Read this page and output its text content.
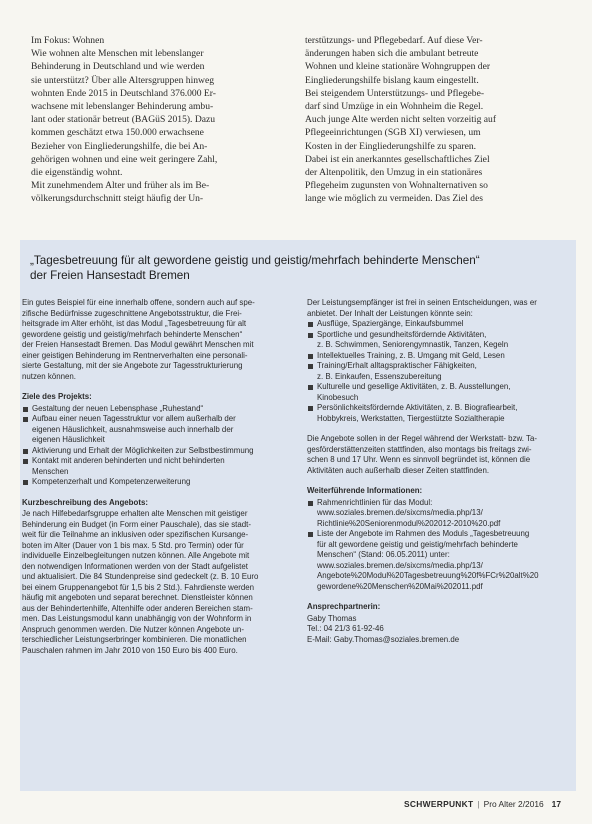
Im Fokus: Wohnen
Wie wohnen alte Menschen mit lebenslanger
Behinderung in Deutschland und wie werden
sie unterstützt? Über alle Altersgruppen hinweg
wohnten Ende 2015 in Deutschland 376.000 Er-
wachsene mit lebenslanger Behinderung ambu-
lant oder stationär betreut (BAGüS 2015). Dazu
kommen geschätzt etwa 150.000 erwachsene
Bezieher von Eingliederungshilfe, die bei An-
gehörigen wohnen und eine weit geringere Zahl,
die eigenständig wohnt.
Mit zunehmendem Alter und früher als im Be-
völkerungsdurchschnitt steigt häufig der Un-
terstützungs- und Pflegebedarf. Auf diese Ver-
änderungen haben sich die ambulant betreute
Wohnen und kleine stationäre Wohngruppen der
Eingliederungshilfe bislang kaum eingestellt.
Bei steigendem Unterstützungs- und Pflegebe-
darf sind Umzüge in ein Wohnheim die Regel.
Auch junge Alte werden nicht selten vorzeitig auf
Pflegeeinrichtungen (SGB XI) verwiesen, um
Kosten in der Eingliederungshilfe zu sparen.
Dabei ist ein anerkanntes gesellschaftliches Ziel
der Altenpolitik, den Umzug in ein stationäres
Pflegeheim zugunsten von Wohnalternativen so
lange wie möglich zu vermeiden. Das Ziel des
„Tagesbetreuung für alt gewordene geistig und geistig/mehrfach behinderte Menschen“
der Freien Hansestadt Bremen
Ein gutes Beispiel für eine innerhalb offene, sondern auch auf spe-
zifische Bedürfnisse zugeschnittene Angebotsstruktur, die Frei-
heitsgrade im Alter erhöht, ist das Modul „Tagesbetreuung für alt
gewordene geistig und geistig/mehrfach behinderte Menschen“
der Freien Hansestadt Bremen. Das Modul gewährt Menschen mit
einer geistigen Behinderung im Rentnerverhalten eine personali-
sierte Gestaltung, mit der sie Angebote zur Tagesstrukturierung
nutzen können.
Ziele des Projekts:
Gestaltung der neuen Lebensphase „Ruhestand“
Aufbau einer neuen Tagesstruktur vor allem außerhalb der
eigenen Häuslichkeit, ausnahmsweise auch innerhalb der
eigenen Häuslichkeit
Aktivierung und Erhalt der Möglichkeiten zur Selbstbestimmung
Kontakt mit anderen behinderten und nicht behinderten
Menschen
Kompetenzerhalt und Kompetenzerweiterung
Kurzbeschreibung des Angebots:
Je nach Hilfebedarfsgruppe erhalten alte Menschen mit geistiger
Behinderung ein Budget (in Form einer Pauschale), das sie stadt-
weit für die Teilnahme an inklusiven oder spezifischen Kursange-
boten im Alter (Dauer von 1 bis max. 5 Std. pro Termin) oder für
individuelle Einzelbegleitungen nutzen können. Alle Angebote mit
den notwendigen Informationen werden von der Stadt aufgelistet
und aktualisiert. Die 84 Stundenpreise sind gedeckelt (z. B. 10 Euro
bei einem Gruppenangebot für 1,5 bis 2 Std.). Fahrdienste werden
häufig mit angeboten und separat berechnet. Dienstleister können
aus der Behindertenhilfe, Altenhilfe oder anderen Bereichen stam-
men. Das Leistungsmodul kann unabhängig von der Wohnform in
Anspruch genommen werden. Die Nutzer können Angebote un-
terschiedlicher Leistungserbringer kombinieren. Die monatlichen
Pauschalen rahmen im Jahr 2010 von 150 Euro bis 400 Euro.
Der Leistungsempfänger ist frei in seinen Entscheidungen, was er
anbietet. Der Inhalt der Leistungen könnte sein:
Ausflüge, Spaziergänge, Einkaufsbummel
Sportliche und gesundheitsfördernde Aktivitäten,
z. B. Schwimmen, Seniorengymnastik, Tanzen, Kegeln
Intellektuelles Training, z. B. Umgang mit Geld, Lesen
Training/Erhalt alltagspraktischer Fähigkeiten,
z. B. Einkaufen, Essenszubereitung
Kulturelle und gesellige Aktivitäten, z. B. Ausstellungen,
Kinobesuch
Persönlichkeitsfördernde Aktivitäten, z. B. Biografiearbeit,
Hobbykreis, Werkstatten, Tiergestützte Sozialtherapie
Die Angebote sollen in der Regel während der Werkstatt- bzw. Ta-
gesförderstättenzeiten stattfinden, also montags bis freitags zwi-
schen 8 und 17 Uhr. Wenn es sinnvoll begründet ist, können die
Aktivitäten auch außerhalb dieser Zeiten stattfinden.
Weiterführende Informationen:
Rahmenrichtlinien für das Modul:
www.soziales.bremen.de/sixcms/media.php/13/
Richtlinie%20Seniorenmodul%202012-2010%20.pdf
Liste der Angebote im Rahmen des Moduls „Tagesbetreuung
für alt gewordene geistig und geistig/mehrfach behinderte
Menschen“ (Stand: 06.05.2011) unter:
www.soziales.bremen.de/sixcms/media.php/13/
Angebote%20Modul%20Tagesbetreuung%20f%FCr%20alt%20
gewordene%20Menschen%20Mai%202011.pdf
Ansprechpartnerin:
Gaby Thomas
Tel.: 04 21/3 61-92-46
E-Mail: Gaby.Thomas@soziales.bremen.de
SCHWERPUNKT | Pro Alter 2/2016 17
